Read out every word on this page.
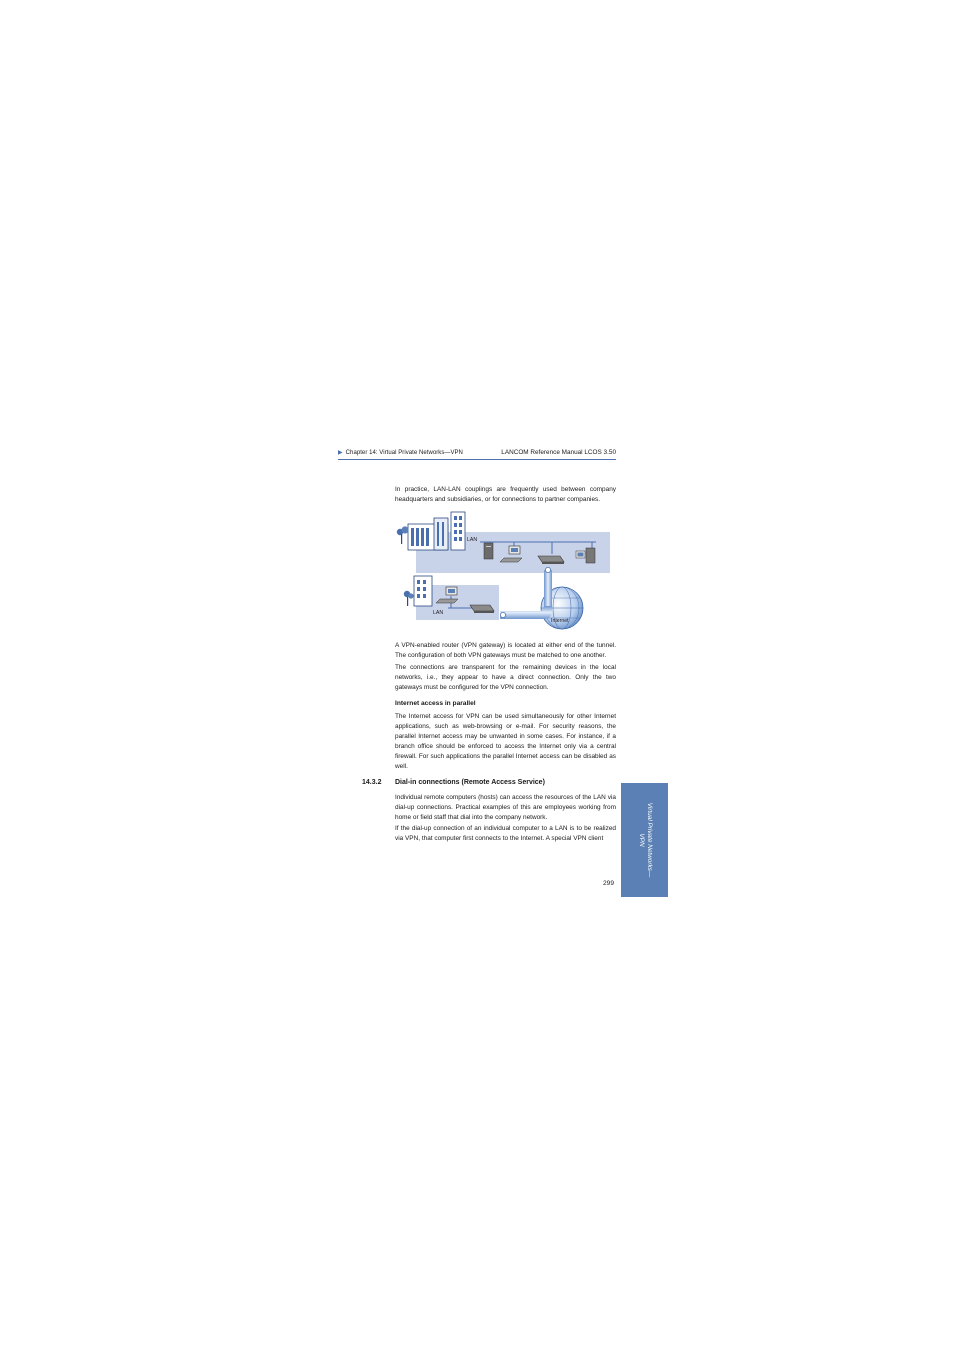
▶ Chapter 14: Virtual Private Networks—VPN	LANCOM Reference Manual LCOS 3.50

In practice, LAN-LAN couplings are frequently used between company headquarters and subsidiaries, or for connections to partner companies.

LAN
LAN
Internet

A VPN-enabled router (VPN gateway) is located at either end of the tunnel. The configuration of both VPN gateways must be matched to one another.

The connections are transparent for the remaining devices in the local networks, i.e., they appear to have a direct connection. Only the two gateways must be configured for the VPN connection.

Internet access in parallel

The Internet access for VPN can be used simultaneously for other Internet applications, such as web-browsing or e-mail. For security reasons, the parallel Internet access may be unwanted in some cases. For instance, if a branch office should be enforced to access the Internet only via a central firewall. For such applications the parallel Internet access can be disabled as well.

14.3.2 Dial-in connections (Remote Access Service)

Individual remote computers (hosts) can access the resources of the LAN via dial-up connections. Practical examples of this are employees working from home or field staff that dial into the company network.

If the dial-up connection of an individual computer to a LAN is to be realized via VPN, that computer first connects to the Internet. A special VPN client	Virtual Private Networks—
VPN
299
